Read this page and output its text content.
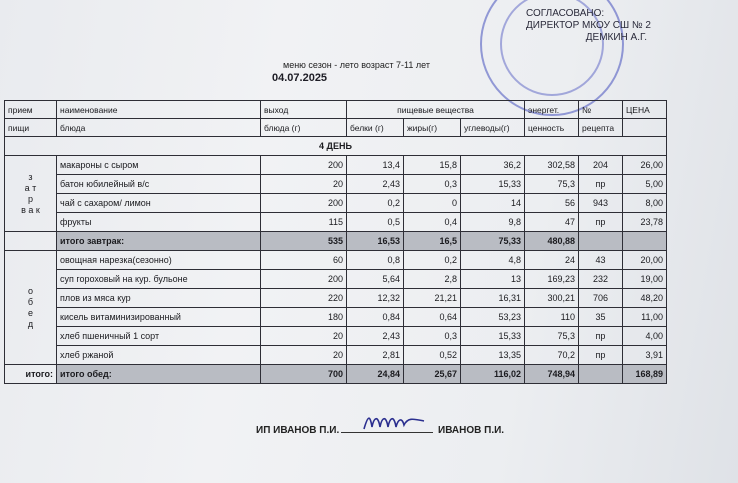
СОГЛАСОВАНО:
ДИРЕКТОР МКОУ СШ № 2
ДЕМКИН А.Г.
меню сезон - лето возраст 7-11 лет
04.07.2025
прием	наименование	выход	пищевые вещества			энергет.	№	ЦЕНА
пищи	блюда	блюда (г)	белки (г)	жиры(г)	углеводы(г)	ценность	рецепта	
4 ДЕНЬ								

з
а т
р
в а к	макароны с сыром	200	13,4	15,8	36,2	302,58	204	26,00
	батон юбилейный в/с	20	2,43	0,3	15,33	75,3	пр	5,00
	чай с сахаром/ лимон	200	0,2	0	14	56	943	8,00
	фрукты	115	0,5	0,4	9,8	47	пр	23,78
	итого завтрак:	535	16,53	16,5	75,33	480,88		

о
б
е
д	овощная нарезка(сезонно)	60	0,8	0,2	4,8	24	43	20,00
	суп гороховый на кур. бульоне	200	5,64	2,8	13	169,23	232	19,00
	плов из мяса кур	220	12,32	21,21	16,31	300,21	706	48,20
	кисель витаминизированный	180	0,84	0,64	53,23	110	35	11,00
	хлеб пшеничный 1 сорт	20	2,43	0,3	15,33	75,3	пр	4,00
	хлеб ржаной	20	2,81	0,52	13,35	70,2	пр	3,91
итого:	итого обед:	700	24,84	25,67	116,02	748,94		168,89
ИП ИВАНОВ П.И.	ИВАНОВ П.И.
